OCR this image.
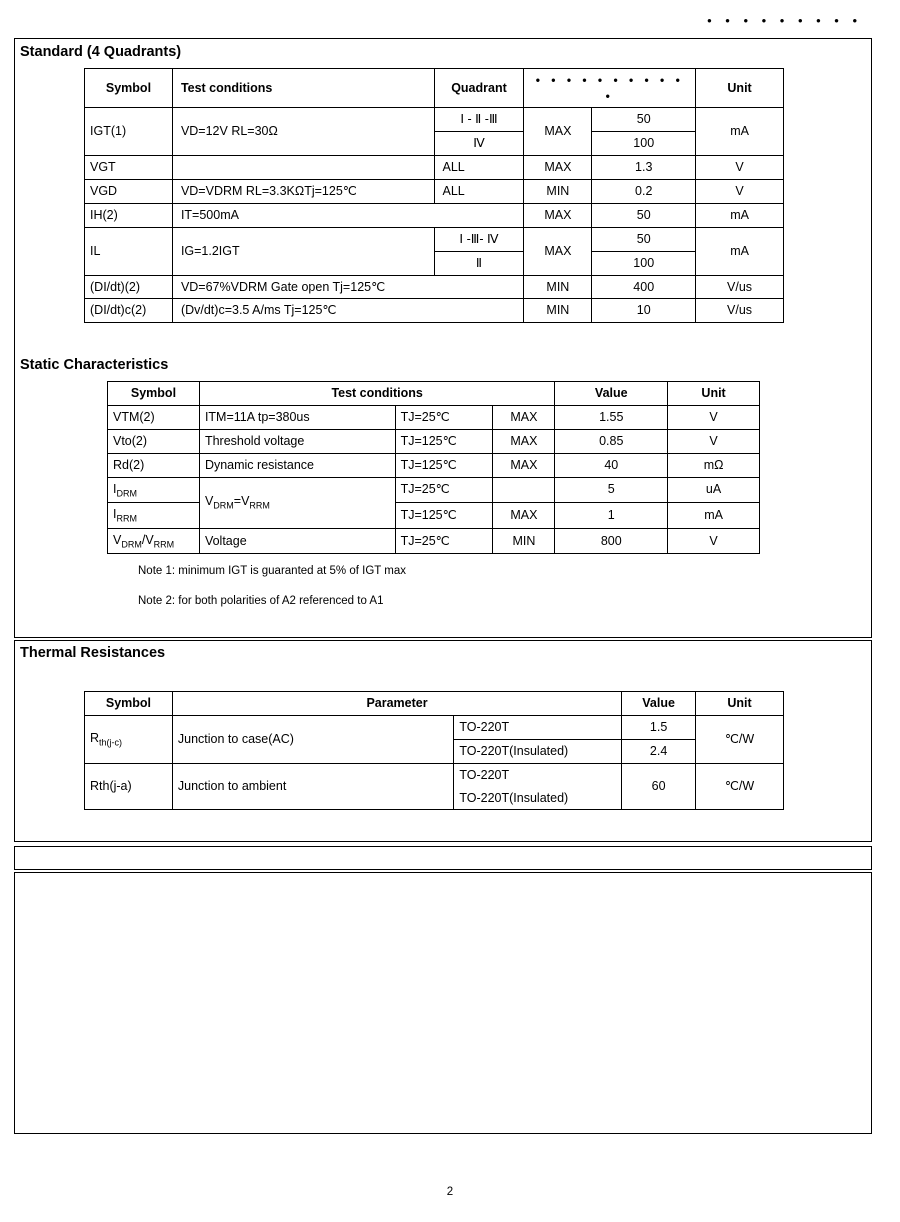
• • • • • • • • •
Standard (4 Quadrants)
Symbol	Test conditions	Quadrant	• • • • • • • • • • •		Unit
IGT(1)	VD=12V RL=30Ω	Ⅰ - Ⅱ -Ⅲ	MAX	50	mA
		Ⅳ		100	
VGT		ALL	MAX	1.3	V
VGD	VD=VDRM RL=3.3KΩTj=125℃	ALL	MIN	0.2	V
IH(2)	IT=500mA		MAX	50	mA
IL	IG=1.2IGT	Ⅰ -Ⅲ- Ⅳ	MAX	50	mA
		Ⅱ		100	
(DI/dt)(2)	VD=67%VDRM Gate open Tj=125℃		MIN	400	V/us
(DI/dt)c(2)	(Dv/dt)c=3.5 A/ms Tj=125℃		MIN	10	V/us
Static Characteristics
Symbol	Test conditions			Value	Unit
VTM(2)	ITM=11A tp=380us	TJ=25℃	MAX	1.55	V
Vto(2)	Threshold voltage	TJ=125℃	MAX	0.85	V
Rd(2)	Dynamic resistance	TJ=125℃	MAX	40	mΩ
$I_{DRM}$	$V_{DRM}=V_{RRM}$	TJ=25℃		5	uA
$I_{RRM}$		TJ=125℃	MAX	1	mA
$V_{DRM}/V_{RRM}$	Voltage	TJ=25℃	MIN	800	V
Note 1: minimum IGT is guaranted at 5% of IGT max
Note 2: for both polarities of A2 referenced to A1
Thermal Resistances
Symbol	Parameter		Value	Unit
$R_{th(j-c)}$	Junction to case(AC)	TO-220T	1.5	℃/W
		TO-220T(Insulated)	2.4	
Rth(j-a)	Junction to ambient	TO-220T	60	℃/W
		TO-220T(Insulated)		
2
